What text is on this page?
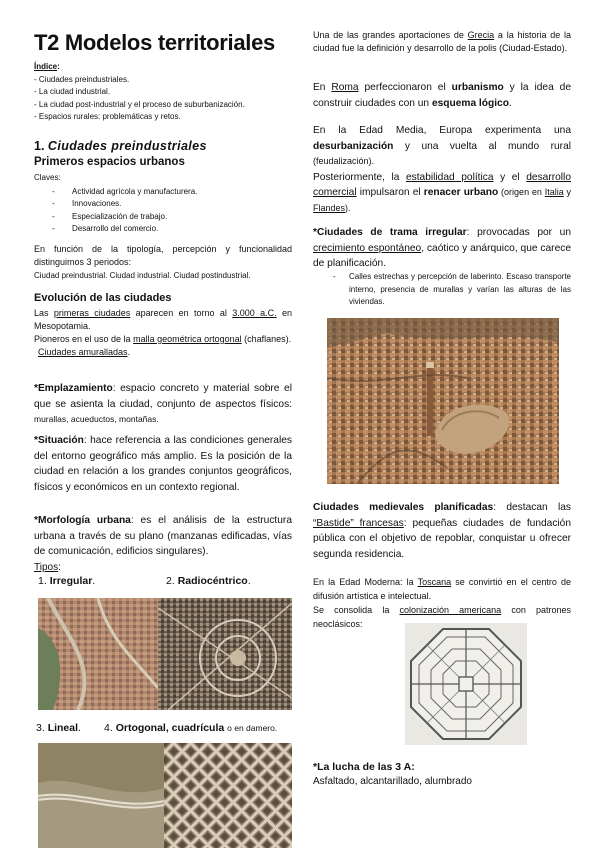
T2 Modelos territoriales
Índice:
- Ciudades preindustriales.
- La ciudad industrial.
- La ciudad post-industrial y el proceso de suburbanización.
- Espacios rurales: problemáticas y retos.
1. Ciudades preindustriales
Primeros espacios urbanos
Claves:
- Actividad agrícola y manufacturera.
- Innovaciones.
- Especialización de trabajo.
- Desarrollo del comercio.
En función de la tipología, percepción y funcionalidad distinguimos 3 periodos:
Ciudad preindustrial. Ciudad industrial. Ciudad postindustrial.
Evolución de las ciudades
Las primeras ciudades aparecen en torno al 3.000 a.C. en Mesopotamia.
Pioneros en el uso de la malla geométrica ortogonal (chaflanes).
Ciudades amuralladas.
*Emplazamiento: espacio concreto y material sobre el que se asienta la ciudad, conjunto de aspectos físicos: murallas, acueductos, montañas.
*Situación: hace referencia a las condiciones generales del entorno geográfico más amplio. Es la posición de la ciudad en relación a los grandes conjuntos geográficos, físicos y económicos en un contexto regional.
*Morfología urbana: es el análisis de la estructura urbana a través de su plano (manzanas edificadas, vías de comunicación, edificios singulares).
Tipos:
1. Irregular.	2. Radiocéntrico.
3. Lineal.	4. Ortogonal, cuadrícula o en damero.
Una de las grandes aportaciones de Grecia a la historia de la ciudad fue la definición y desarrollo de la polis (Ciudad-Estado).
En Roma perfeccionaron el urbanismo y la idea de construir ciudades con un esquema lógico.
En la Edad Media, Europa experimenta una desurbanización y una vuelta al mundo rural (feudalización).
Posteriormente, la estabilidad política y el desarrollo comercial impulsaron el renacer urbano (origen en Italia y Flandes).
*Ciudades de trama irregular: provocadas por un crecimiento espontáneo, caótico y anárquico, que carece de planificación.
- Calles estrechas y percepción de laberinto. Escaso transporte interno, presencia de murallas y varían las alturas de las viviendas.
Ciudades medievales planificadas: destacan las “Bastide” francesas: pequeñas ciudades de fundación pública con el objetivo de repoblar, conquistar u ofrecer segunda residencia.
En la Edad Moderna: la Toscana se convirtió en el centro de difusión artística e intelectual.
Se consolida la colonización americana con patrones neoclásicos:
*La lucha de las 3 A:
Asfaltado, alcantarillado, alumbrado
